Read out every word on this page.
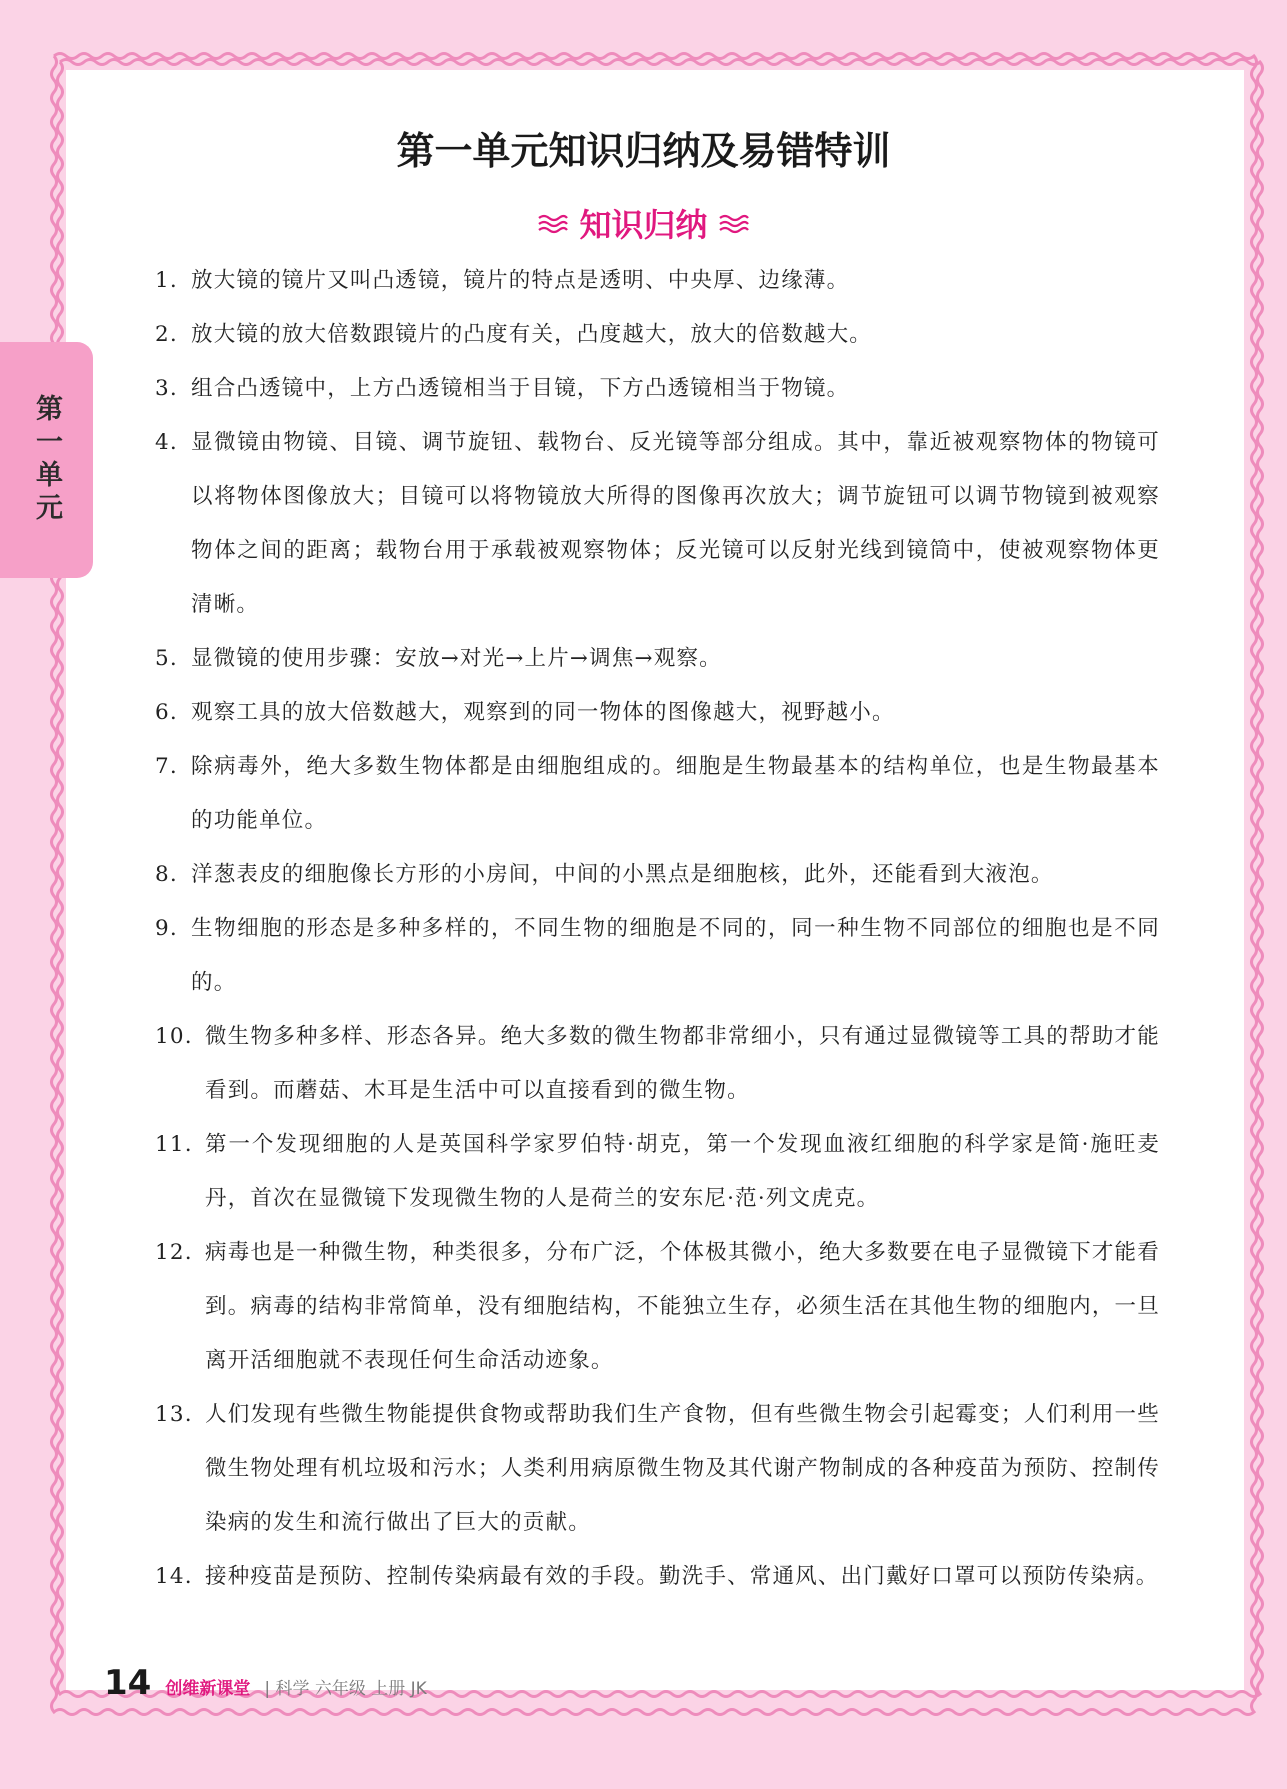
第一单元
第一单元知识归纳及易错特训
知识归纳
1. 放大镜的镜片又叫凸透镜，镜片的特点是透明、中央厚、边缘薄。
2. 放大镜的放大倍数跟镜片的凸度有关，凸度越大，放大的倍数越大。
3. 组合凸透镜中，上方凸透镜相当于目镜，下方凸透镜相当于物镜。
4. 显微镜由物镜、目镜、调节旋钮、载物台、反光镜等部分组成。其中，靠近被观察物体的物镜可以将物体图像放大；目镜可以将物镜放大所得的图像再次放大；调节旋钮可以调节物镜到被观察物体之间的距离；载物台用于承载被观察物体；反光镜可以反射光线到镜筒中，使被观察物体更清晰。
5. 显微镜的使用步骤：安放→对光→上片→调焦→观察。
6. 观察工具的放大倍数越大，观察到的同一物体的图像越大，视野越小。
7. 除病毒外，绝大多数生物体都是由细胞组成的。细胞是生物最基本的结构单位，也是生物最基本的功能单位。
8. 洋葱表皮的细胞像长方形的小房间，中间的小黑点是细胞核，此外，还能看到大液泡。
9. 生物细胞的形态是多种多样的，不同生物的细胞是不同的，同一种生物不同部位的细胞也是不同的。
10. 微生物多种多样、形态各异。绝大多数的微生物都非常细小，只有通过显微镜等工具的帮助才能看到。而蘑菇、木耳是生活中可以直接看到的微生物。
11. 第一个发现细胞的人是英国科学家罗伯特·胡克，第一个发现血液红细胞的科学家是简·施旺麦丹，首次在显微镜下发现微生物的人是荷兰的安东尼·范·列文虎克。
12. 病毒也是一种微生物，种类很多，分布广泛，个体极其微小，绝大多数要在电子显微镜下才能看到。病毒的结构非常简单，没有细胞结构，不能独立生存，必须生活在其他生物的细胞内，一旦离开活细胞就不表现任何生命活动迹象。
13. 人们发现有些微生物能提供食物或帮助我们生产食物，但有些微生物会引起霉变；人们利用一些微生物处理有机垃圾和污水；人类利用病原微生物及其代谢产物制成的各种疫苗为预防、控制传染病的发生和流行做出了巨大的贡献。
14. 接种疫苗是预防、控制传染病最有效的手段。勤洗手、常通风、出门戴好口罩可以预防传染病。
14 创维新课堂 | 科学 六年级 上册 JK
